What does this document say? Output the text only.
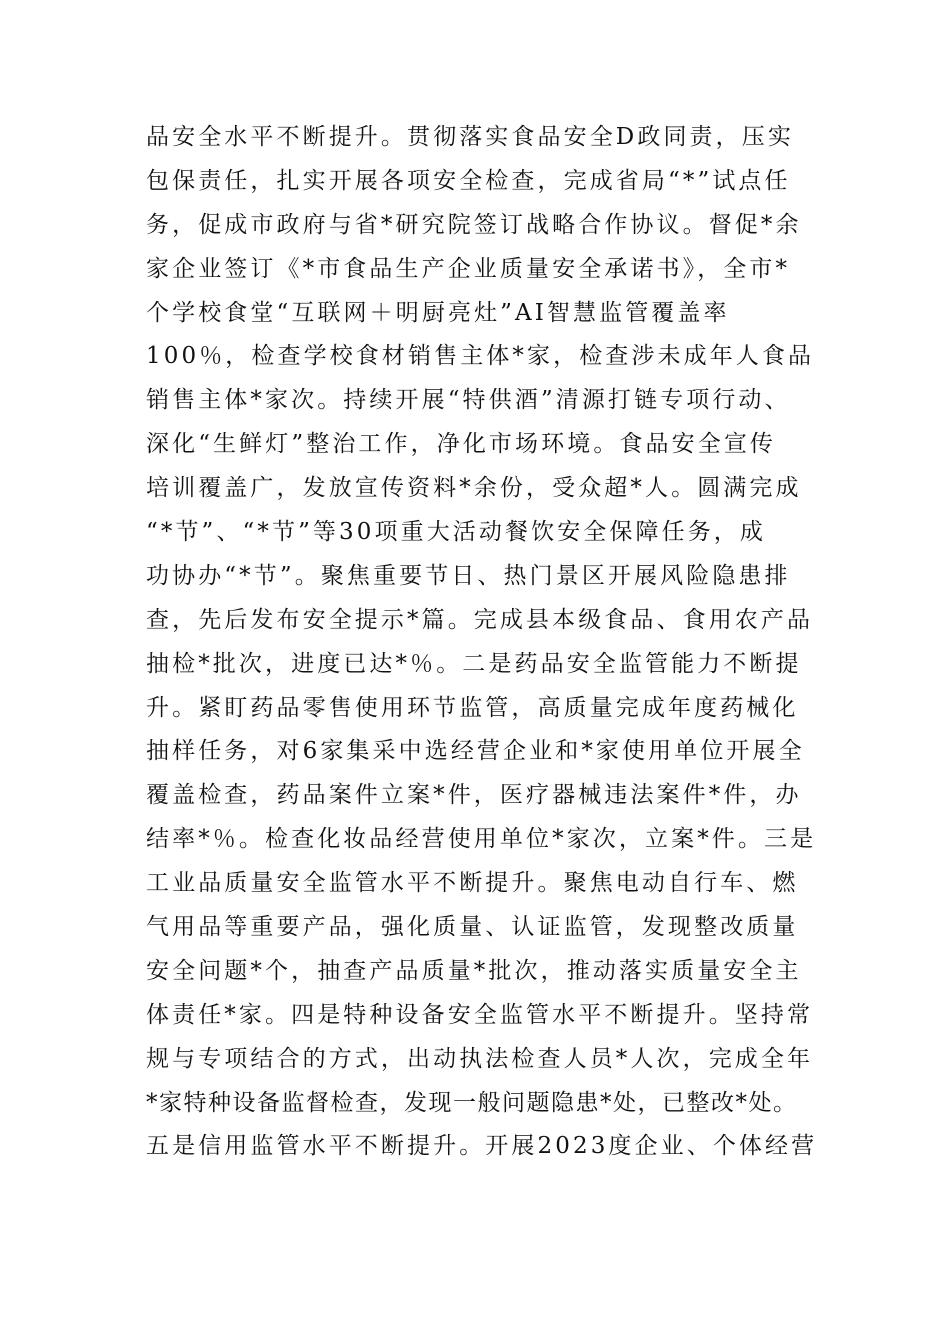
品安全水平不断提升。贯彻落实食品安全D政同责，压实
包保责任，扎实开展各项安全检查，完成省局“*”试点任
务，促成市政府与省*研究院签订战略合作协议。督促*余
家企业签订《*市食品生产企业质量安全承诺书》，全市*
个学校食堂“互联网＋明厨亮灶”AI智慧监管覆盖率
100％，检查学校食材销售主体*家，检查涉未成年人食品
销售主体*家次。持续开展“特供酒”清源打链专项行动、
深化“生鲜灯”整治工作，净化市场环境。食品安全宣传
培训覆盖广，发放宣传资料*余份，受众超*人。圆满完成
“*节”、“*节”等30项重大活动餐饮安全保障任务，成
功协办“*节”。聚焦重要节日、热门景区开展风险隐患排
查，先后发布安全提示*篇。完成县本级食品、食用农产品
抽检*批次，进度已达*％。二是药品安全监管能力不断提
升。紧盯药品零售使用环节监管，高质量完成年度药械化
抽样任务，对6家集采中选经营企业和*家使用单位开展全
覆盖检查，药品案件立案*件，医疗器械违法案件*件，办
结率*％。检查化妆品经营使用单位*家次，立案*件。三是
工业品质量安全监管水平不断提升。聚焦电动自行车、燃
气用品等重要产品，强化质量、认证监管，发现整改质量
安全问题*个，抽查产品质量*批次，推动落实质量安全主
体责任*家。四是特种设备安全监管水平不断提升。坚持常
规与专项结合的方式，出动执法检查人员*人次，完成全年
*家特种设备监督检查，发现一般问题隐患*处，已整改*处。
五是信用监管水平不断提升。开展2023度企业、个体经营
